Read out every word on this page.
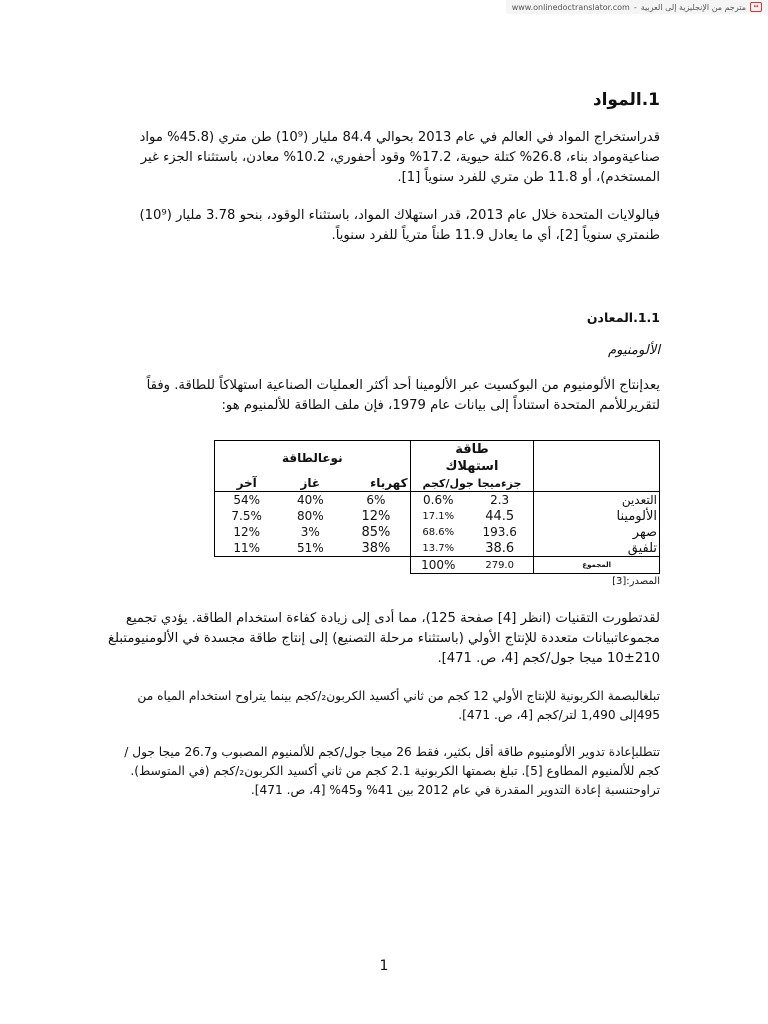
↔
مترجم من الإنجليزية إلى العربية
-
www.onlinedoctranslator.com
1.المواد

قدراستخراج المواد في العالم في عام 2013 بحوالي 84.4 مليار (10⁹) طن متري (45.8% مواد صناعيةومواد بناء، 26.8% كتلة حيوية، 17.2% وقود أحفوري، 10.2% معادن، باستثناء الجزء غير المستخدم)، أو 11.8 طن متري للفرد سنوياً [1].

فيالولايات المتحدة خلال عام 2013، قدر استهلاك المواد، باستثناء الوقود، بنحو 3.78 مليار (10⁹) طنمتري سنوياً [2]، أي ما يعادل 11.9 طناً مترياً للفرد سنوياً.

1.1.المعادن
الألومنيوم

يعدإنتاج الألومنيوم من البوكسيت عبر الألومينا أحد أكثر العمليات الصناعية استهلاكاً للطاقة. وفقاً لتقريرللأمم المتحدة استناداً إلى بيانات عام 1979، فإن ملف الطاقة للألمنيوم هو:

نوعالطاقة			طاقة		
			استهلاك		
آخر	غاز	كهرباء	جزءميجا جول/كجم		
54%	40%	6%	0.6%	2.3	التعدين
7.5%	80%	12%	17.1%	44.5	الألومينا
12%	3%	85%	68.6%	193.6	صهر
11%	51%	38%	13.7%	38.6	تلفيق
			100%	279.0	المجموع
المصدر:[3]

لقدتطورت التقنيات (انظر [4] صفحة 125)، مما أدى إلى زيادة كفاءة استخدام الطاقة. يؤدي تجميع مجموعاتبيانات متعددة للإنتاج الأولي (باستثناء مرحلة التصنيع) إلى إنتاج طاقة مجسدة في الألومنيومتبلغ 210±10 ميجا جول/كجم [4، ص. 471].

تبلغالبصمة الكربونية للإنتاج الأولي 12 كجم من ثاني أكسيد الكربون₂/كجم بينما يتراوح استخدام المياه من 495إلى 1,490 لتر/كجم [4، ص. 471].

تتطلبإعادة تدوير الألومنيوم طاقة أقل بكثير، فقط 26 ميجا جول/كجم للألمنيوم المصبوب و26.7 ميجا جول /كجم للألمنيوم المطاوع [5]. تبلغ بصمتها الكربونية 2.1 كجم من ثاني أكسيد الكربون₂/كجم (في المتوسط). تراوحتنسبة إعادة التدوير المقدرة في عام 2012 بين 41% و45% [4، ص. 471].

1
